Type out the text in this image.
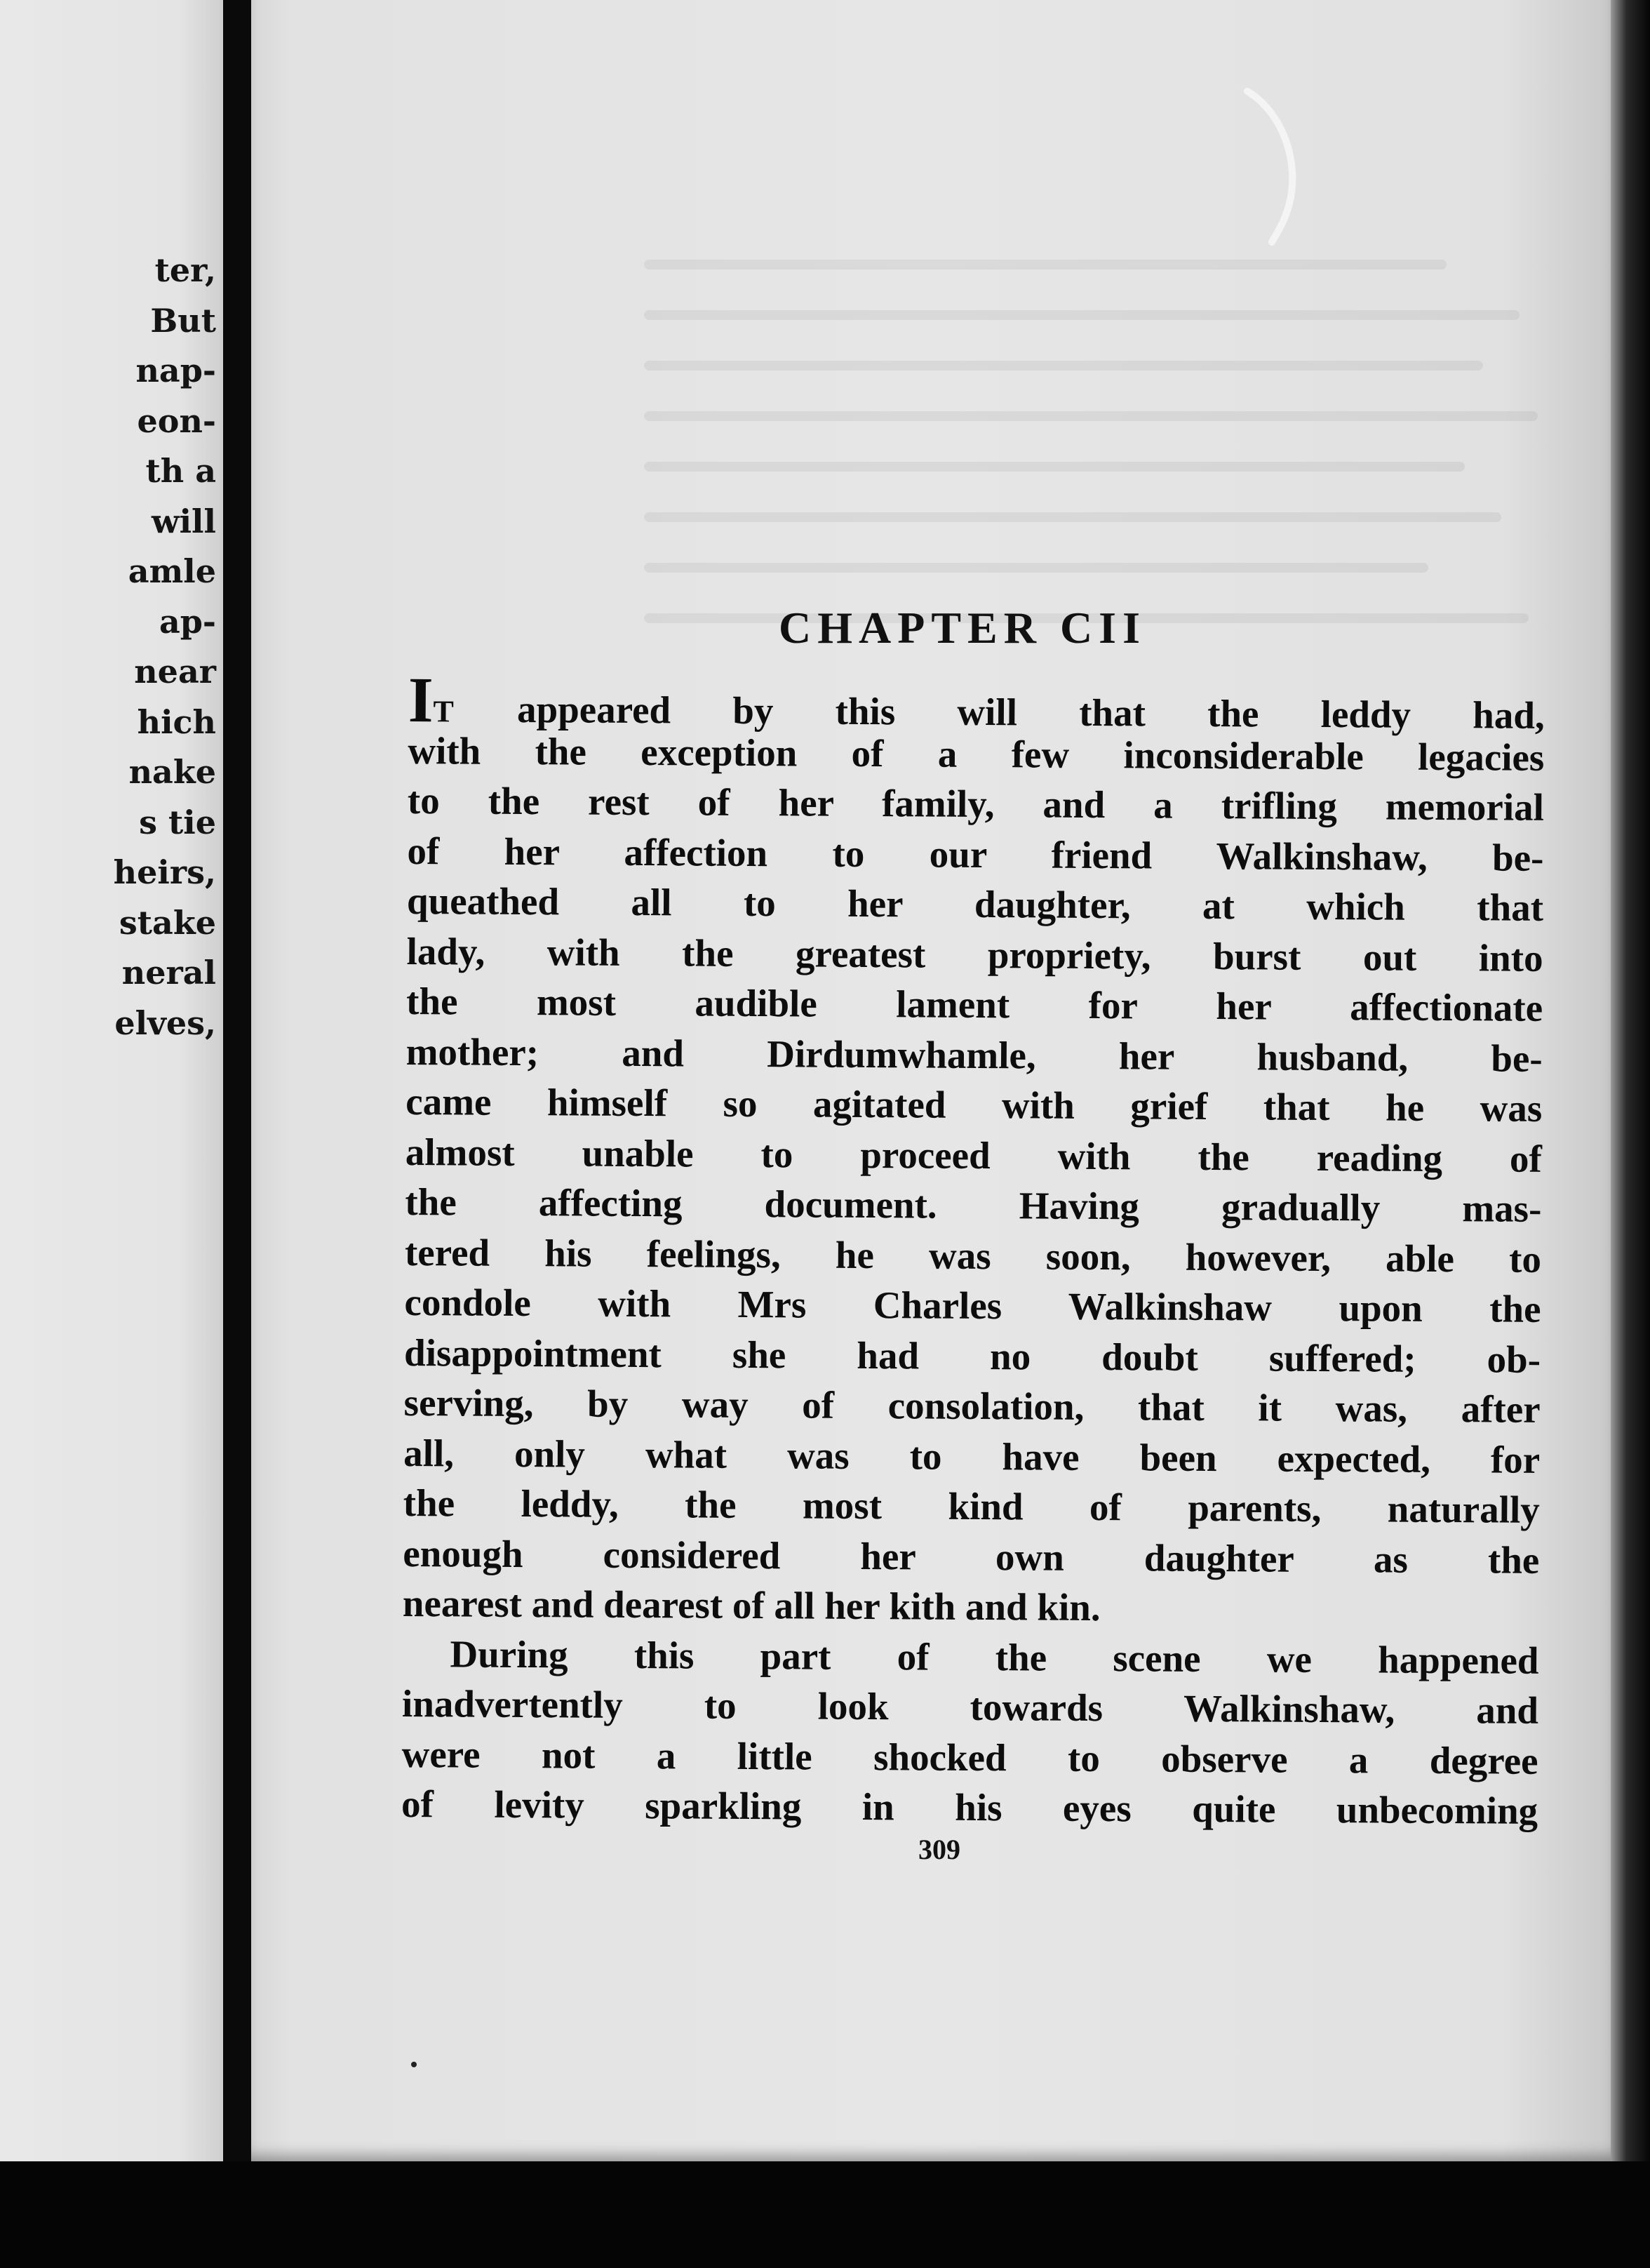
ter,
But
nap-
eon-
th a
will
amle
ap-
near
hich
nake
s tie
heirs,
stake
neral
elves,
CHAPTER CII
IT appeared by this will that the leddy had,
with the exception of a few inconsiderable legacies
to the rest of her family, and a trifling memorial
of her affection to our friend Walkinshaw, be-
queathed all to her daughter, at which that
lady, with the greatest propriety, burst out into
the most audible lament for her affectionate
mother; and Dirdumwhamle, her husband, be-
came himself so agitated with grief that he was
almost unable to proceed with the reading of
the affecting document. Having gradually mas-
tered his feelings, he was soon, however, able to
condole with Mrs Charles Walkinshaw upon the
disappointment she had no doubt suffered; ob-
serving, by way of consolation, that it was, after
all, only what was to have been expected, for
the leddy, the most kind of parents, naturally
enough considered her own daughter as the
nearest and dearest of all her kith and kin.
During this part of the scene we happened
inadvertently to look towards Walkinshaw, and
were not a little shocked to observe a degree
of levity sparkling in his eyes quite unbecoming
309
